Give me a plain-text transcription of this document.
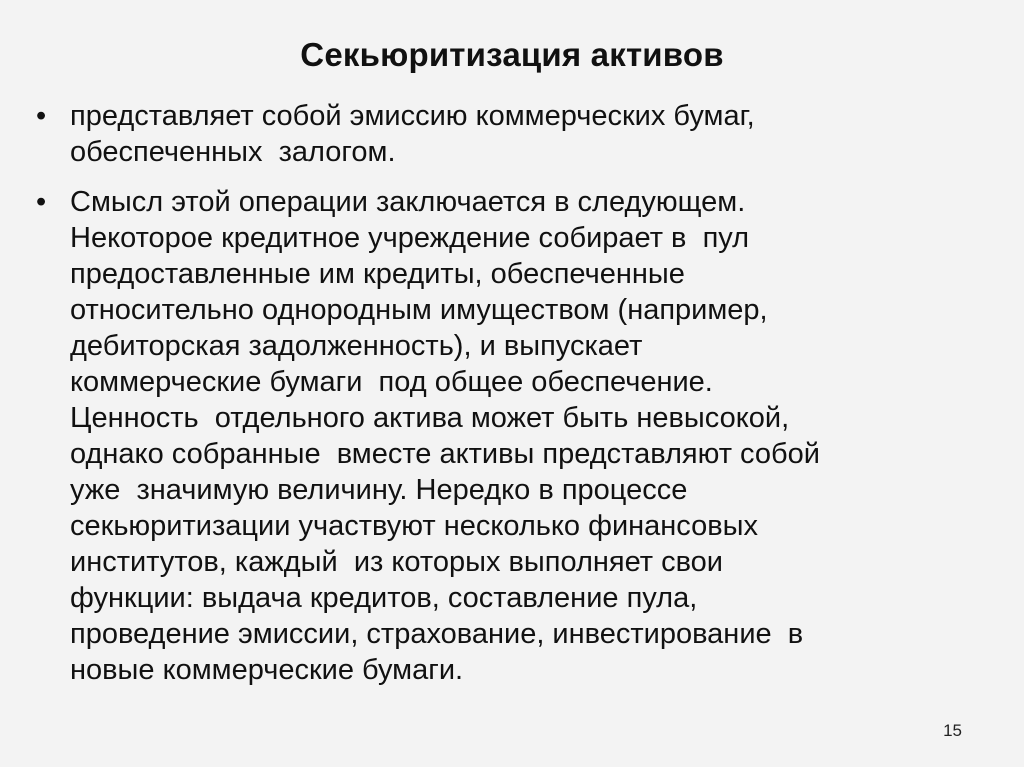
Секьюритизация активов
• представляет собой эмиссию коммерческих бумаг,
обеспеченных  залогом.
• Смысл этой операции заключается в следующем.
Некоторое кредитное учреждение собирает в  пул
предоставленные им кредиты, обеспеченные
относительно однородным имуществом (например,
дебиторская задолженность), и выпускает
коммерческие бумаги  под общее обеспечение.
Ценность  отдельного актива может быть невысокой,
однако собранные  вместе активы представляют собой
уже  значимую величину. Нередко в процессе
секьюритизации участвуют несколько финансовых
институтов, каждый  из которых выполняет свои
функции: выдача кредитов, составление пула,
проведение эмиссии, страхование, инвестирование  в
новые коммерческие бумаги.
15
